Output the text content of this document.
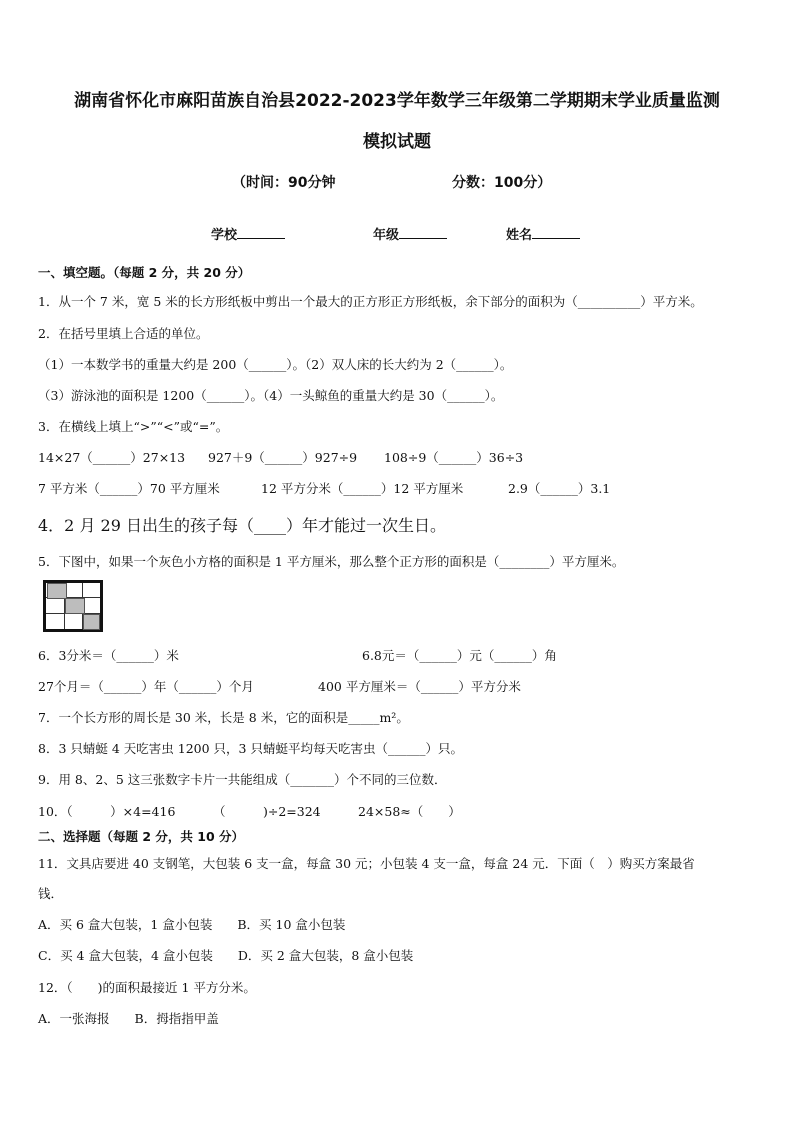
湖南省怀化市麻阳苗族自治县2022-2023学年数学三年级第二学期期末学业质量监测
模拟试题
（时间：90分钟	分数：100分）
学校	年级	姓名
一、填空题。（每题 2 分，共 20 分）
1．从一个 7 米，宽 5 米的长方形纸板中剪出一个最大的正方形正方形纸板，余下部分的面积为（__________）平方米。
2．在括号里填上合适的单位。
（1）一本数学书的重量大约是 200（______）。（2）双人床的长大约为 2（______）。
（3）游泳池的面积是 1200（______）。（4）一头鲸鱼的重量大约是 30（______）。
3．在横线上填上“>”“<”或“=”。
14×27（______）27×13 927＋9（______）927÷9 108÷9（______）36÷3
7 平方米（______）70 平方厘米	12 平方分米（______）12 平方厘米	2.9（______）3.1
4．2 月 29 日出生的孩子每（____）年才能过一次生日。
5．下图中，如果一个灰色小方格的面积是 1 平方厘米，那么整个正方形的面积是（________）平方厘米。
6．3分米＝（______）米	6.8元＝（______）元（______）角
27个月＝（______）年（______）个月	400 平方厘米＝（______）平方分米
7．一个长方形的周长是 30 米，长是 8 米，它的面积是_____m²。
8．3 只蜻蜓 4 天吃害虫 1200 只，3 只蜻蜓平均每天吃害虫（______）只。
9．用 8、2、5 这三张数字卡片一共能组成（_______）个不同的三位数．
10．（　　　）×4=416	（　　　)÷2=324	24×58≈（　　）
二、选择题（每题 2 分，共 10 分）
11．文具店要进 40 支钢笔，大包装 6 支一盒，每盒 30 元；小包装 4 支一盒，每盒 24 元．下面（　）购买方案最省
钱．
A．买 6 盒大包装，1 盒小包装　　B．买 10 盒小包装
C．买 4 盒大包装，4 盒小包装　　D．买 2 盒大包装，8 盒小包装
12．（　　)的面积最接近 1 平方分米。
A．一张海报　　B．拇指指甲盖
